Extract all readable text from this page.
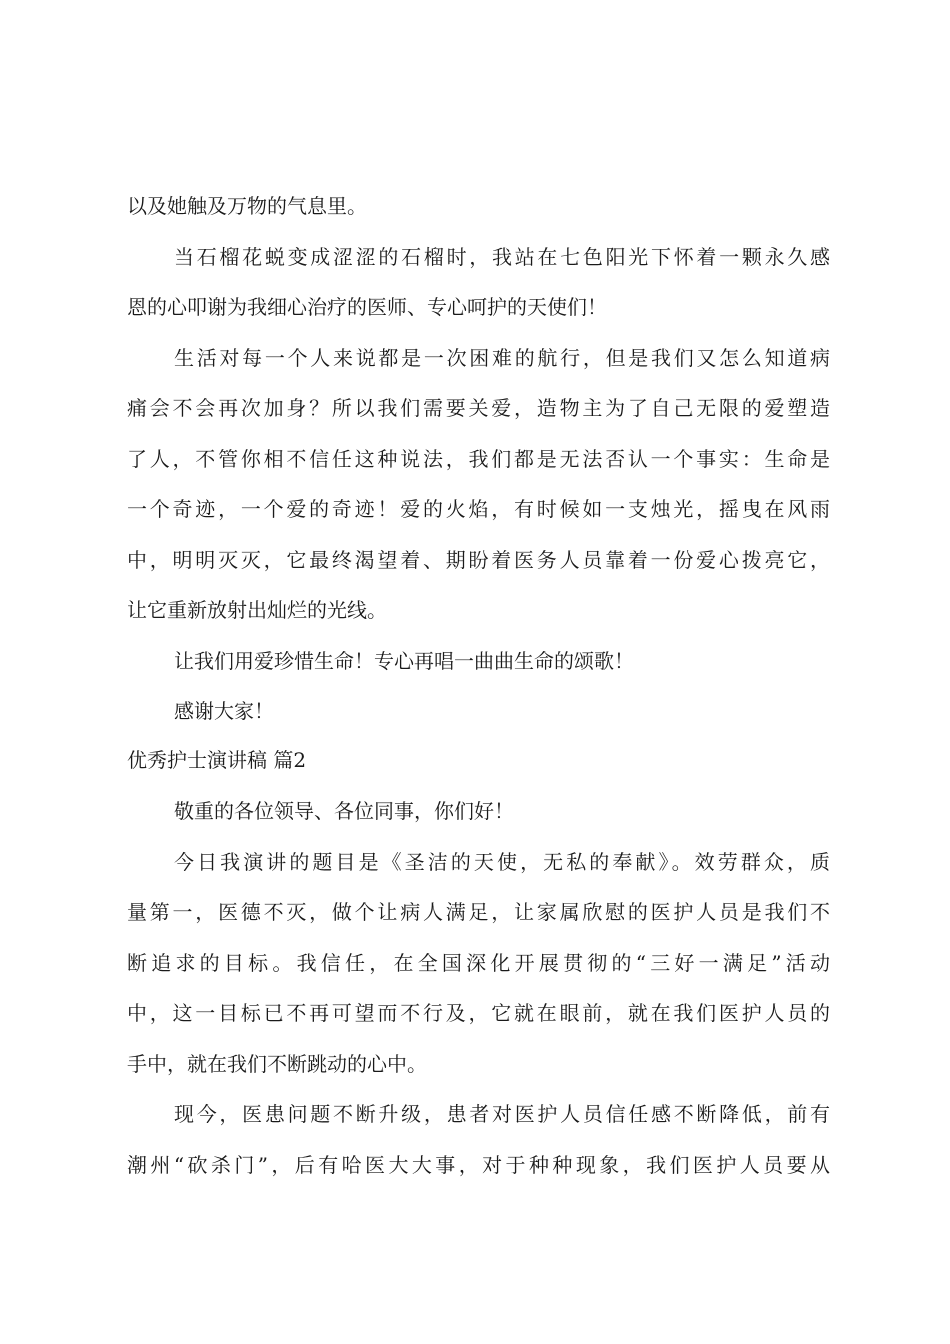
以及她触及万物的气息里。
当石榴花蜕变成涩涩的石榴时，我站在七色阳光下怀着一颗永久感
恩的心叩谢为我细心治疗的医师、专心呵护的天使们！
生活对每一个人来说都是一次困难的航行，但是我们又怎么知道病
痛会不会再次加身？所以我们需要关爱，造物主为了自己无限的爱塑造
了人，不管你相不信任这种说法，我们都是无法否认一个事实：生命是
一个奇迹，一个爱的奇迹！爱的火焰，有时候如一支烛光，摇曳在风雨
中，明明灭灭，它最终渴望着、期盼着医务人员靠着一份爱心拨亮它，
让它重新放射出灿烂的光线。
让我们用爱珍惜生命！专心再唱一曲曲生命的颂歌！
感谢大家！
优秀护士演讲稿 篇2
敬重的各位领导、各位同事，你们好！
今日我演讲的题目是《圣洁的天使，无私的奉献》。效劳群众，质
量第一，医德不灭，做个让病人满足，让家属欣慰的医护人员是我们不
断追求的目标。我信任，在全国深化开展贯彻的“三好一满足”活动
中，这一目标已不再可望而不行及，它就在眼前，就在我们医护人员的
手中，就在我们不断跳动的心中。
现今，医患问题不断升级，患者对医护人员信任感不断降低，前有
潮州“砍杀门”，后有哈医大大事，对于种种现象，我们医护人员要从
